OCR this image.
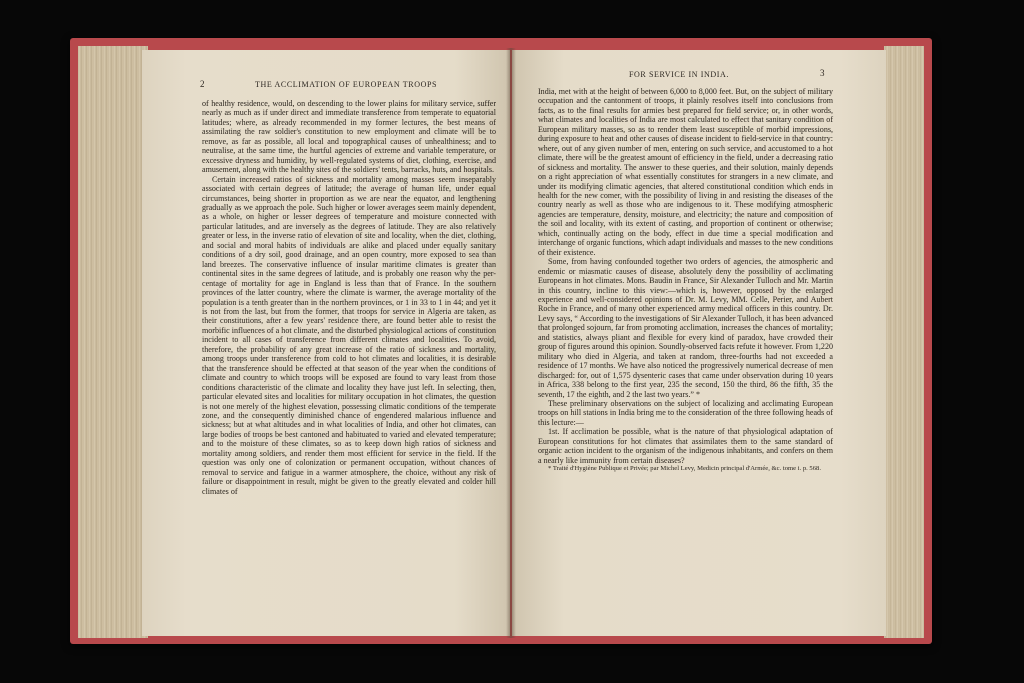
2	THE ACCLIMATION OF EUROPEAN TROOPS

of healthy residence, would, on descending to the lower plains for military service, suffer nearly as much as if under direct and immediate transference from temperate to equatorial latitudes; where, as already recommended in my former lectures, the best means of assimilating the raw soldier's constitution to new employment and climate will be to remove, as far as possible, all local and topographical causes of unhealthiness; and to neutralise, at the same time, the hurtful agencies of extreme and variable temperature, or excessive dryness and humidity, by well-regulated systems of diet, clothing, exercise, and amusement, along with the healthy sites of the soldiers' tents, barracks, huts, and hospitals.

Certain increased ratios of sickness and mortality among masses seem inseparably associated with certain degrees of latitude; the average of human life, under equal circumstances, being shorter in proportion as we are near the equator, and lengthening gradually as we approach the pole. Such higher or lower averages seem mainly dependent, as a whole, on higher or lesser degrees of temperature and moisture connected with particular latitudes, and are inversely as the degrees of latitude. They are also relatively greater or less, in the inverse ratio of elevation of site and locality, when the diet, clothing, and social and moral habits of individuals are alike and placed under equally sanitary conditions of a dry soil, good drainage, and an open country, more exposed to sea than land breezes. The conservative influence of insular maritime climates is greater than continental sites in the same degrees of latitude, and is probably one reason why the per-centage of mortality for age in England is less than that of France. In the southern provinces of the latter country, where the climate is warmer, the average mortality of the population is a tenth greater than in the northern provinces, or 1 in 33 to 1 in 44; and yet it is not from the last, but from the former, that troops for service in Algeria are taken, as their constitutions, after a few years' residence there, are found better able to resist the morbific influences of a hot climate, and the disturbed physiological actions of constitution incident to all cases of transference from different climates and localities. To avoid, therefore, the probability of any great increase of the ratio of sickness and mortality, among troops under transference from cold to hot climates and localities, it is desirable that the transference should be effected at that season of the year when the conditions of climate and country to which troops will be exposed are found to vary least from those conditions characteristic of the climate and locality they have just left. In selecting, then, particular elevated sites and localities for military occupation in hot climates, the question is not one merely of the highest elevation, possessing climatic conditions of the temperate zone, and the consequently diminished chance of engendered malarious influence and sickness; but at what altitudes and in what localities of India, and other hot climates, can large bodies of troops be best cantoned and habituated to varied and elevated temperature; and to the moisture of these climates, so as to keep down high ratios of sickness and mortality among soldiers, and render them most efficient for service in the field. If the question was only one of colonization or permanent occupation, without chances of removal to service and fatigue in a warmer atmosphere, the choice, without any risk of failure or disappointment in result, might be given to the greatly elevated and colder hill climates of

FOR SERVICE IN INDIA.	3

India, met with at the height of between 6,000 to 8,000 feet. But, on the subject of military occupation and the cantonment of troops, it plainly resolves itself into conclusions from facts, as to the final results for armies best prepared for field service; or, in other words, what climates and localities of India are most calculated to effect that sanitary condition of European military masses, so as to render them least susceptible of morbid impressions, during exposure to heat and other causes of disease incident to field-service in that country: where, out of any given number of men, entering on such service, and accustomed to a hot climate, there will be the greatest amount of efficiency in the field, under a decreasing ratio of sickness and mortality. The answer to these queries, and their solution, mainly depends on a right appreciation of what essentially constitutes for strangers in a new climate, and under its modifying climatic agencies, that altered constitutional condition which ends in health for the new comer, with the possibility of living in and resisting the diseases of the country nearly as well as those who are indigenous to it. These modifying atmospheric agencies are temperature, density, moisture, and electricity; the nature and composition of the soil and locality, with its extent of casting, and proportion of continent or otherwise; which, continually acting on the body, effect in due time a special modification and interchange of organic functions, which adapt individuals and masses to the new conditions of their existence.

Some, from having confounded together two orders of agencies, the atmospheric and endemic or miasmatic causes of disease, absolutely deny the possibility of acclimating Europeans in hot climates. Mons. Baudin in France, Sir Alexander Tulloch and Mr. Martin in this country, incline to this view:—which is, however, opposed by the enlarged experience and well-considered opinions of Dr. M. Levy, MM. Celle, Perier, and Aubert Roche in France, and of many other experienced army medical officers in this country. Dr. Levy says, “ According to the investigations of Sir Alexander Tulloch, it has been advanced that prolonged sojourn, far from promoting acclimation, increases the chances of mortality; and statistics, always pliant and flexible for every kind of paradox, have crowded their group of figures around this opinion. Soundly-observed facts refute it however. From 1,220 military who died in Algeria, and taken at random, three-fourths had not exceeded a residence of 17 months. We have also noticed the progressively numerical decrease of men discharged: for, out of 1,575 dysenteric cases that came under observation during 10 years in Africa, 338 belong to the first year, 235 the second, 150 the third, 86 the fifth, 35 the seventh, 17 the eighth, and 2 the last two years.” *

These preliminary observations on the subject of localizing and acclimating European troops on hill stations in India bring me to the consideration of the three following heads of this lecture:—

1st. If acclimation be possible, what is the nature of that physiological adaptation of European constitutions for hot climates that assimilates them to the same standard of organic action incident to the organism of the indigenous inhabitants, and confers on them a nearly like immunity from certain diseases?

* Traité d'Hygiène Publique et Privée; par Michel Levy, Medicin principal d'Armée, &c. tome i. p. 568.
